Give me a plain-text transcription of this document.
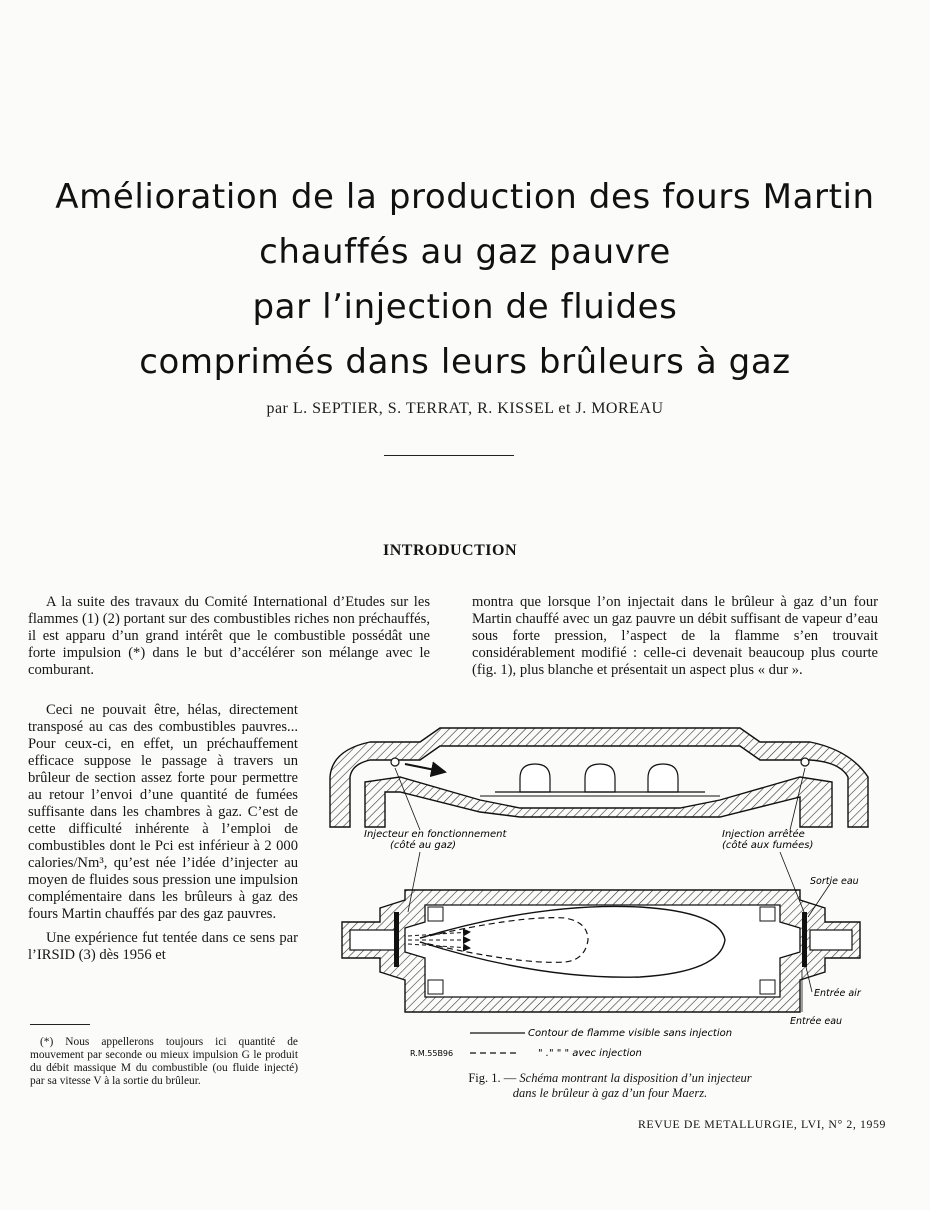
Amélioration de la production des fours Martin
chauffés au gaz pauvre
par l’injection de fluides
comprimés dans leurs brûleurs à gaz
par L. SEPTIER, S. TERRAT, R. KISSEL et J. MOREAU
INTRODUCTION

A la suite des travaux du Comité International d’Etudes sur les flammes (1) (2) portant sur des combustibles riches non préchauffés, il est apparu d’un grand intérêt que le combustible possédât une forte impulsion (*) dans le but d’accélérer son mélange avec le comburant.

Ceci ne pouvait être, hélas, directement transposé au cas des combustibles pauvres... Pour ceux-ci, en effet, un préchauffement efficace suppose le passage à travers un brûleur de section assez forte pour permettre au retour l’envoi d’une quantité de fumées suffisante dans les chambres à gaz. C’est de cette difficulté inhérente à l’emploi de combustibles dont le Pci est inférieur à 2 000 calories/Nm³, qu’est née l’idée d’injecter au moyen de fluides sous pression une impulsion complémentaire dans les brûleurs à gaz des fours Martin chauffés par des gaz pauvres.

Une expérience fut tentée dans ce sens par l’IRSID (3) dès 1956 et

montra que lorsque l’on injectait dans le brûleur à gaz d’un four Martin chauffé avec un gaz pauvre un débit suffisant de vapeur d’eau sous forte pression, l’aspect de la flamme s’en trouvait considérablement modifié : celle-ci devenait beaucoup plus courte (fig. 1), plus blanche et présentait un aspect plus « dur ».

(*) Nous appellerons toujours ici quantité de mouvement par seconde ou mieux impulsion G le produit du débit massique M du combustible (ou fluide injecté) par sa vitesse V à la sortie du brûleur.

Injecteur en fonctionnement
(côté au gaz)
Injection arrêtée
(côté aux fumées)
Sortie eau
Entrée air
Entrée eau
Contour de flamme visible sans injection
R.M.55B96	" ." " " avec injection
Fig. 1. — Schéma montrant la disposition d’un injecteur
dans le brûleur à gaz d’un four Maerz.
REVUE DE METALLURGIE, LVI, N° 2, 1959
